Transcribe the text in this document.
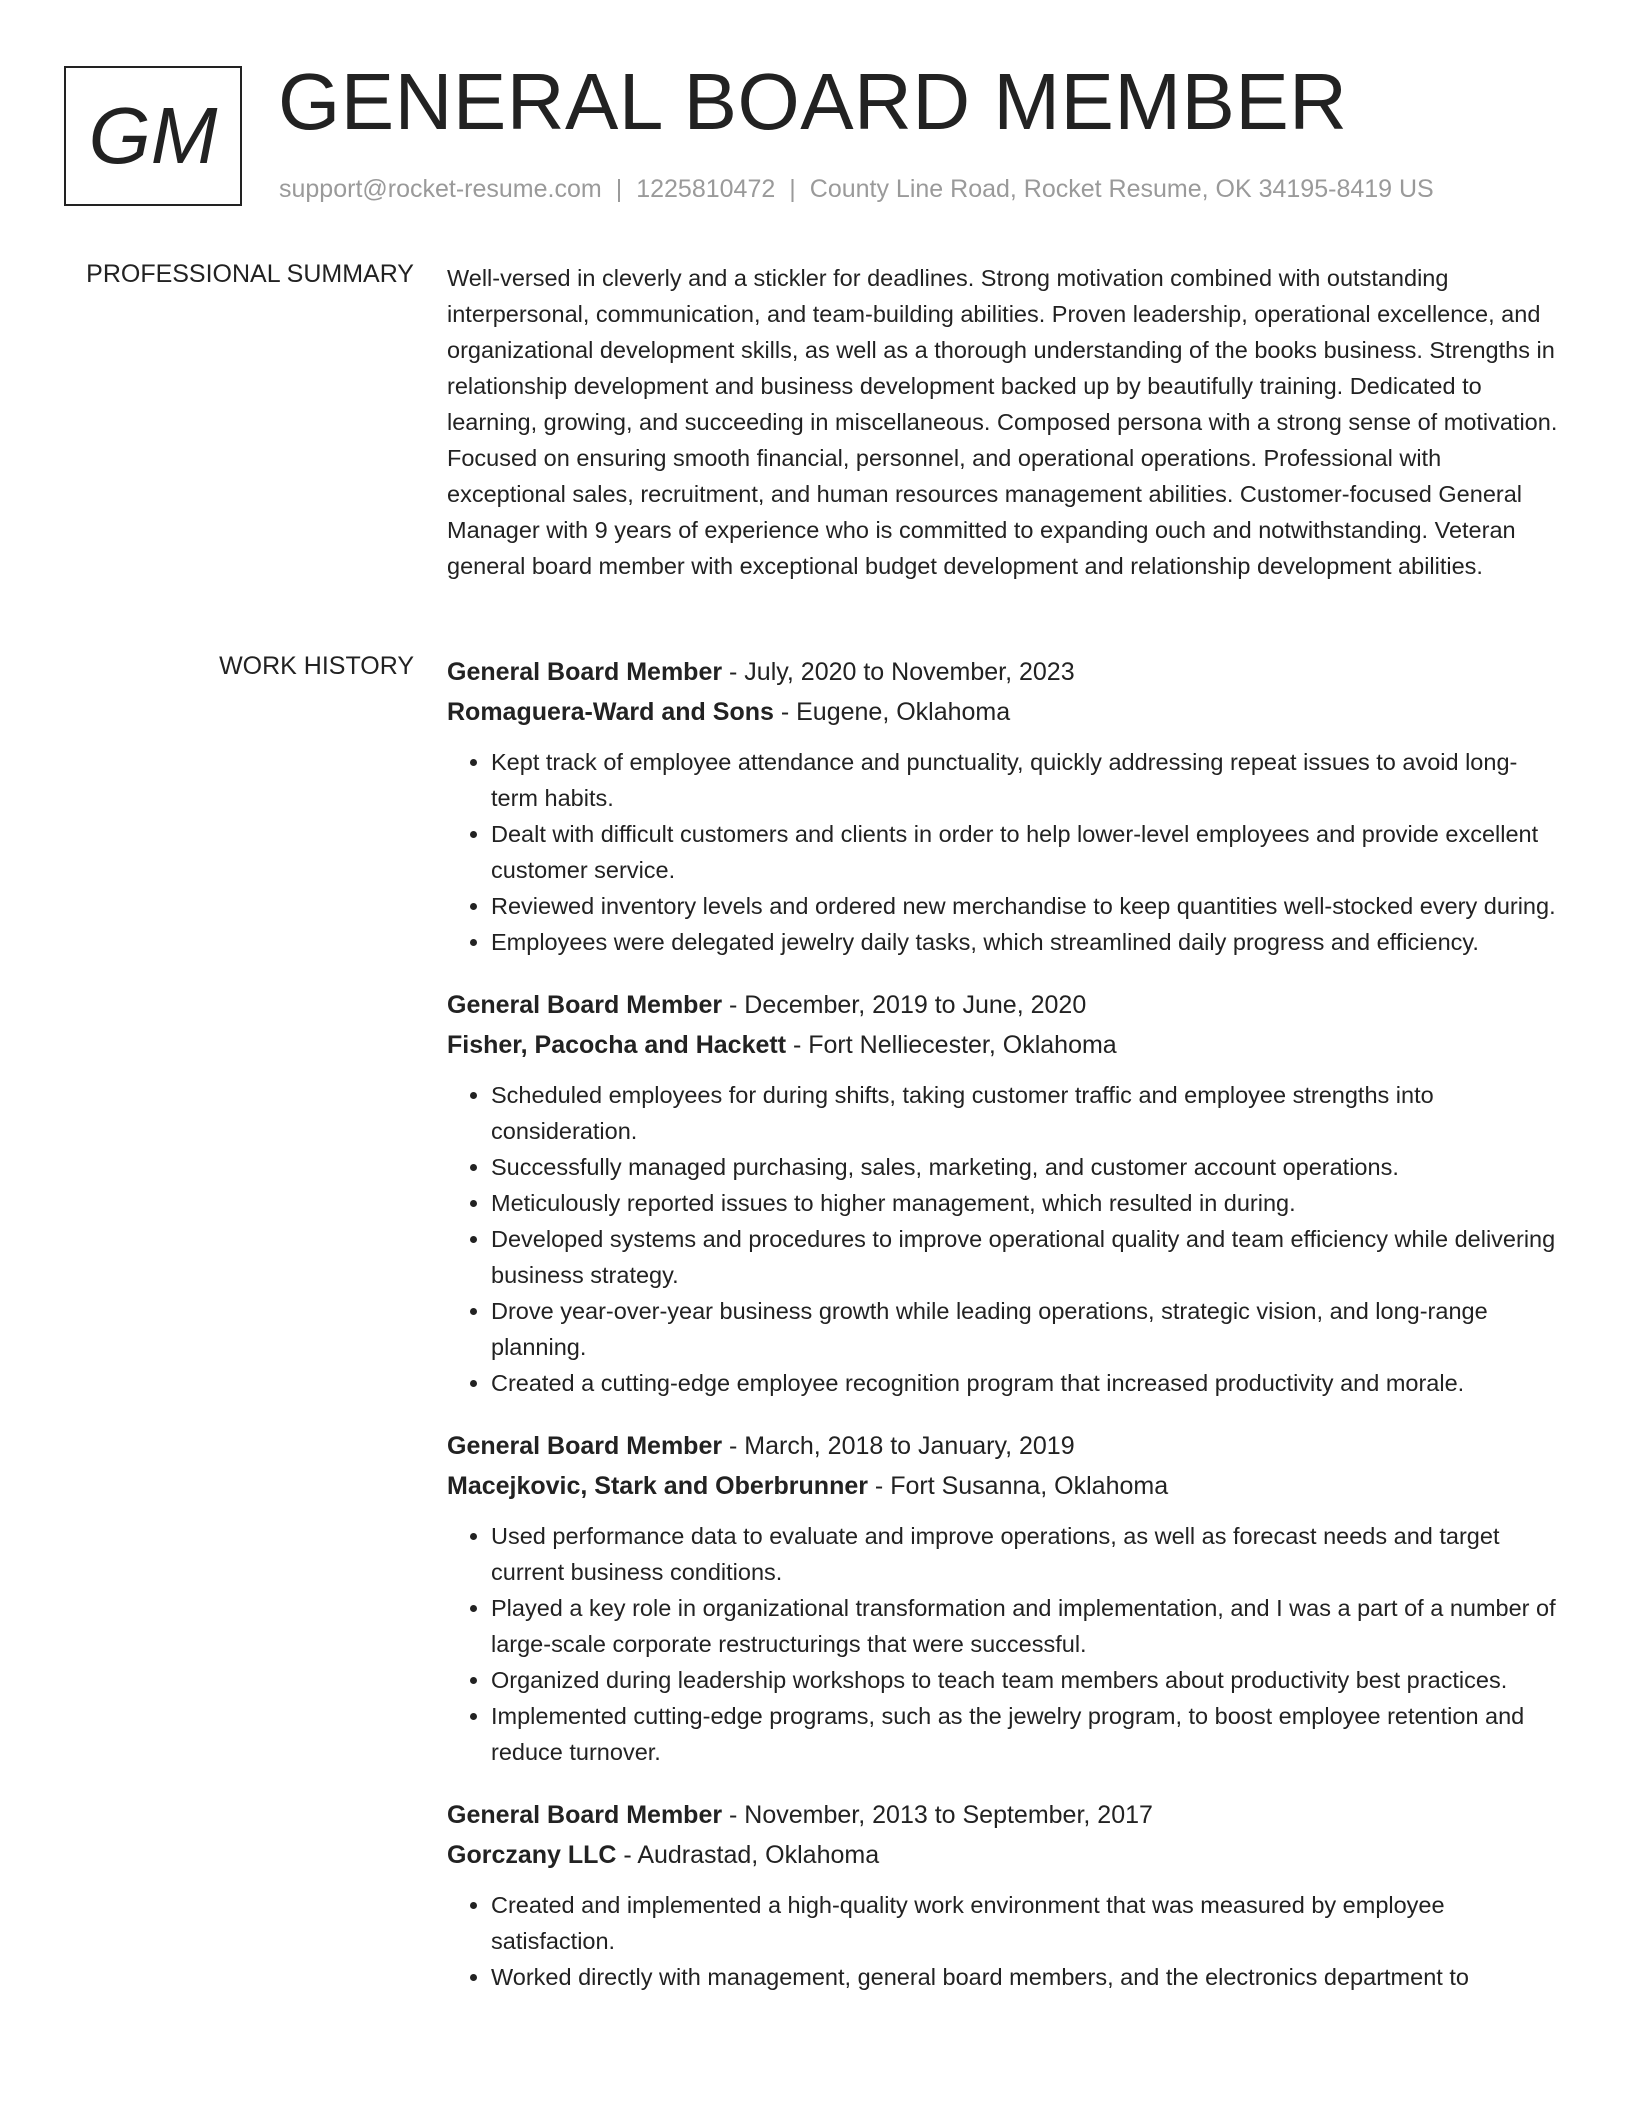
GM GENERAL BOARD MEMBER
support@rocket-resume.com | 1225810472 | County Line Road, Rocket Resume, OK 34195-8419 US
PROFESSIONAL SUMMARY Well-versed in cleverly and a stickler for deadlines. Strong motivation combined with outstanding interpersonal, communication, and team-building abilities. Proven leadership, operational excellence, and organizational development skills, as well as a thorough understanding of the books business. Strengths in relationship development and business development backed up by beautifully training. Dedicated to learning, growing, and succeeding in miscellaneous. Composed persona with a strong sense of motivation. Focused on ensuring smooth financial, personnel, and operational operations. Professional with exceptional sales, recruitment, and human resources management abilities. Customer-focused General Manager with 9 years of experience who is committed to expanding ouch and notwithstanding. Veteran general board member with exceptional budget development and relationship development abilities.
WORK HISTORY General Board Member - July, 2020 to November, 2023
Romaguera-Ward and Sons - Eugene, Oklahoma
• Kept track of employee attendance and punctuality, quickly addressing repeat issues to avoid long-term habits.
• Dealt with difficult customers and clients in order to help lower-level employees and provide excellent customer service.
• Reviewed inventory levels and ordered new merchandise to keep quantities well-stocked every during.
• Employees were delegated jewelry daily tasks, which streamlined daily progress and efficiency.
General Board Member - December, 2019 to June, 2020
Fisher, Pacocha and Hackett - Fort Nelliecester, Oklahoma
• Scheduled employees for during shifts, taking customer traffic and employee strengths into consideration.
• Successfully managed purchasing, sales, marketing, and customer account operations.
• Meticulously reported issues to higher management, which resulted in during.
• Developed systems and procedures to improve operational quality and team efficiency while delivering business strategy.
• Drove year-over-year business growth while leading operations, strategic vision, and long-range planning.
• Created a cutting-edge employee recognition program that increased productivity and morale.
General Board Member - March, 2018 to January, 2019
Macejkovic, Stark and Oberbrunner - Fort Susanna, Oklahoma
• Used performance data to evaluate and improve operations, as well as forecast needs and target current business conditions.
• Played a key role in organizational transformation and implementation, and I was a part of a number of large-scale corporate restructurings that were successful.
• Organized during leadership workshops to teach team members about productivity best practices.
• Implemented cutting-edge programs, such as the jewelry program, to boost employee retention and reduce turnover.
General Board Member - November, 2013 to September, 2017
Gorczany LLC - Audrastad, Oklahoma
• Created and implemented a high-quality work environment that was measured by employee satisfaction.
• Worked directly with management, general board members, and the electronics department to
